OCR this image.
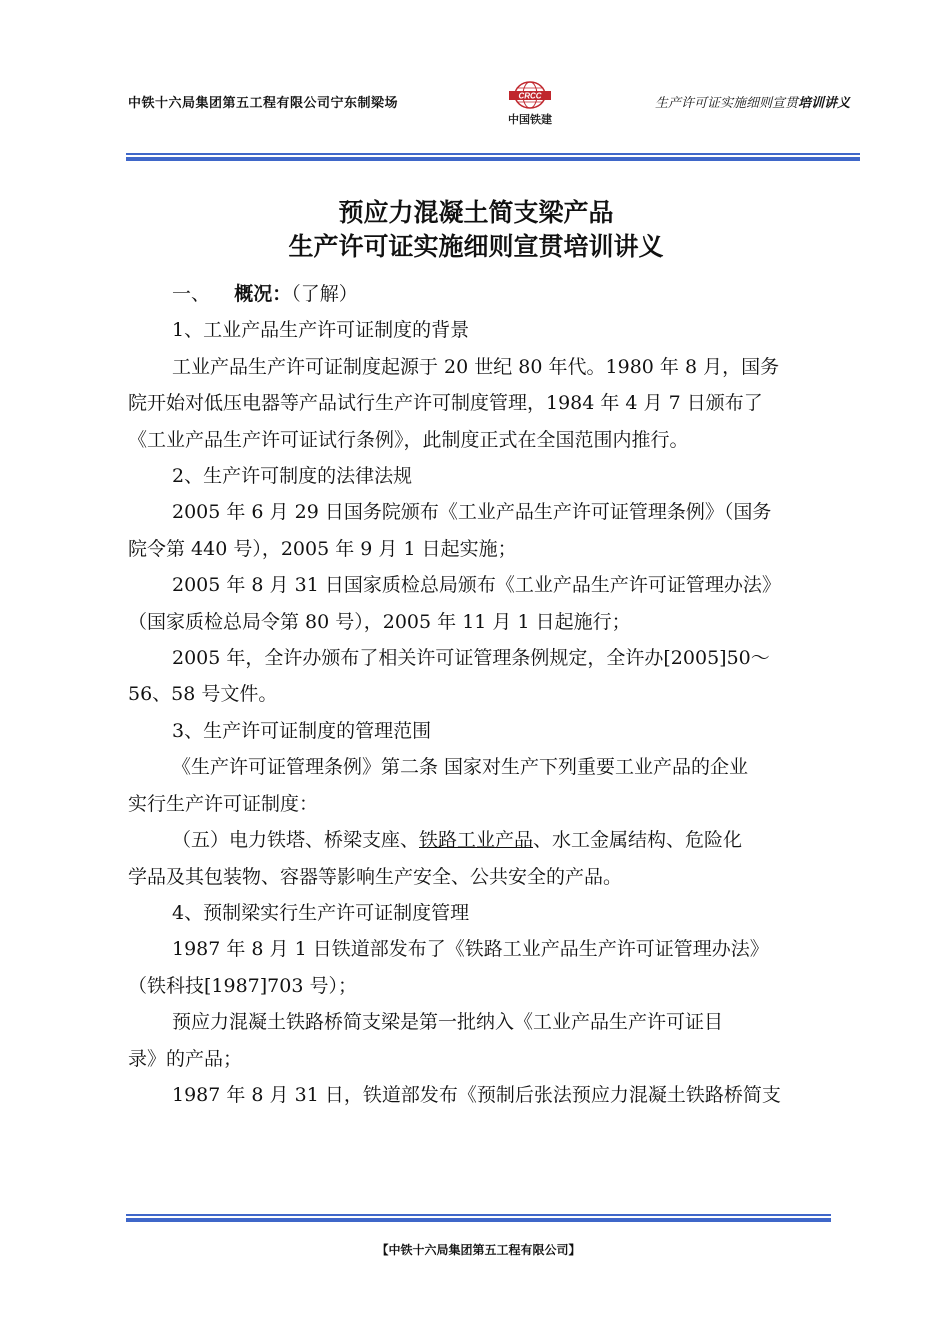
中铁十六局集团第五工程有限公司宁东制梁场	CRCC
中国铁建
生产许可证实施细则宣贯培训讲义
预应力混凝土简支梁产品
生产许可证实施细则宣贯培训讲义
一、 概况：（了解）
1、工业产品生产许可证制度的背景
工业产品生产许可证制度起源于 20 世纪 80 年代。1980 年 8 月，国务
院开始对低压电器等产品试行生产许可制度管理，1984 年 4 月 7 日颁布了
《工业产品生产许可证试行条例》，此制度正式在全国范围内推行。
2、生产许可制度的法律法规
2005 年 6 月 29 日国务院颁布《工业产品生产许可证管理条例》（国务
院令第 440 号），2005 年 9 月 1 日起实施；
2005 年 8 月 31 日国家质检总局颁布《工业产品生产许可证管理办法》
（国家质检总局令第 80 号），2005 年 11 月 1 日起施行；
2005 年，全许办颁布了相关许可证管理条例规定，全许办[2005]50～
56、58 号文件。
3、生产许可证制度的管理范围
《生产许可证管理条例》第二条 国家对生产下列重要工业产品的企业
实行生产许可证制度：
（五）电力铁塔、桥梁支座、铁路工业产品、水工金属结构、危险化
学品及其包装物、容器等影响生产安全、公共安全的产品。
4、预制梁实行生产许可证制度管理
1987 年 8 月 1 日铁道部发布了《铁路工业产品生产许可证管理办法》
（铁科技[1987]703 号）；
预应力混凝土铁路桥简支梁是第一批纳入《工业产品生产许可证目
录》的产品；
1987 年 8 月 31 日，铁道部发布《预制后张法预应力混凝土铁路桥简支
【中铁十六局集团第五工程有限公司】
